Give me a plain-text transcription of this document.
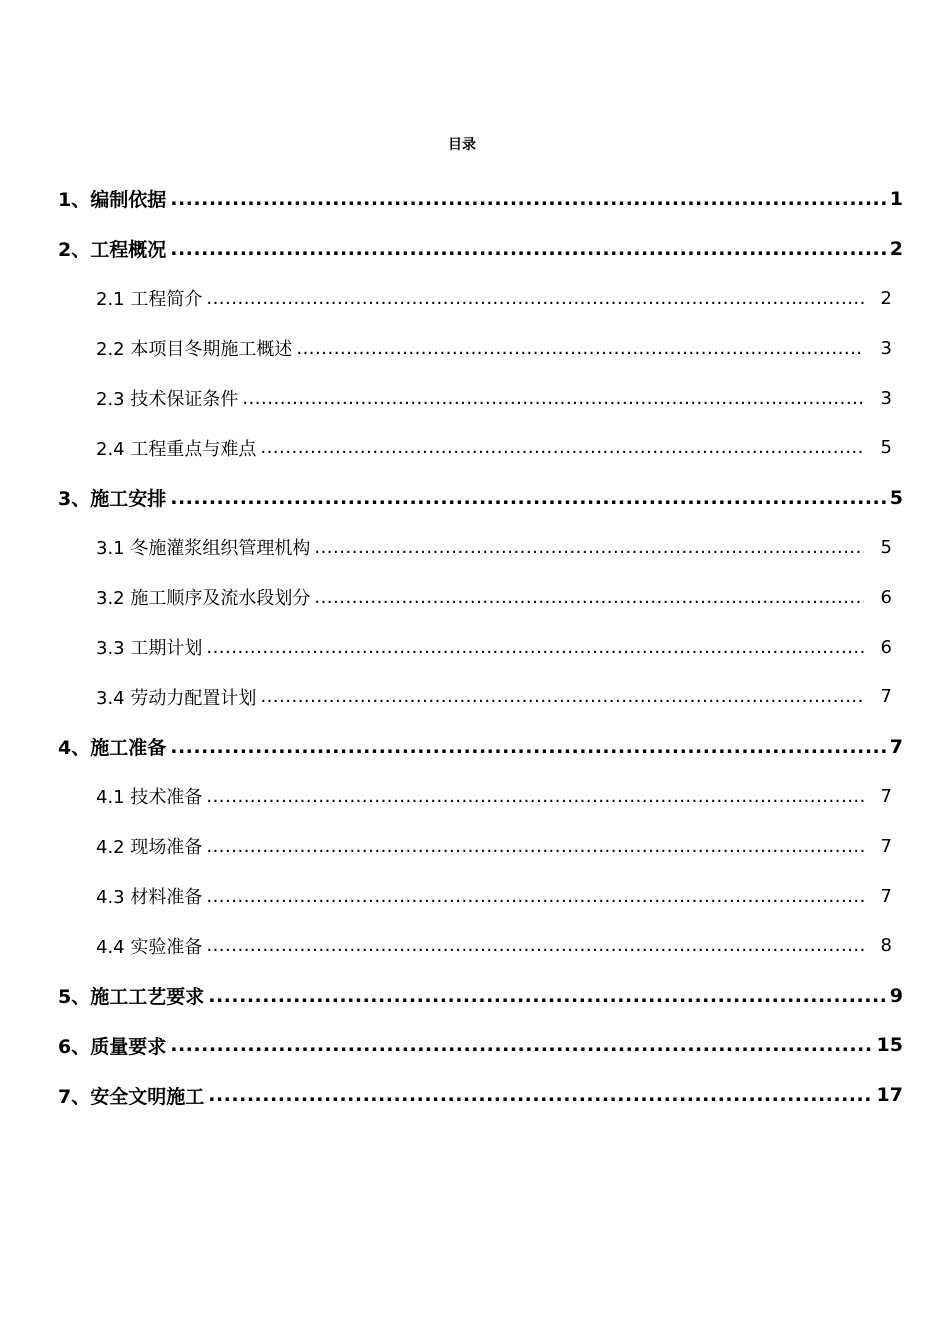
目录
1、编制依据 .....	1
2、工程概况 .....	2
2.1 工程简介 .....	2
2.2 本项目冬期施工概述 .....	3
2.3 技术保证条件 .....	3
2.4 工程重点与难点 .....	5
3、施工安排 .....	5
3.1 冬施灌浆组织管理机构 .....	5
3.2 施工顺序及流水段划分 .....	6
3.3 工期计划 .....	6
3.4 劳动力配置计划 .....	7
4、施工准备 .....	7
4.1 技术准备 .....	7
4.2 现场准备 .....	7
4.3 材料准备 .....	7
4.4 实验准备 .....	8
5、施工工艺要求 .....	9
6、质量要求 .....	15
7、安全文明施工 .....	17
